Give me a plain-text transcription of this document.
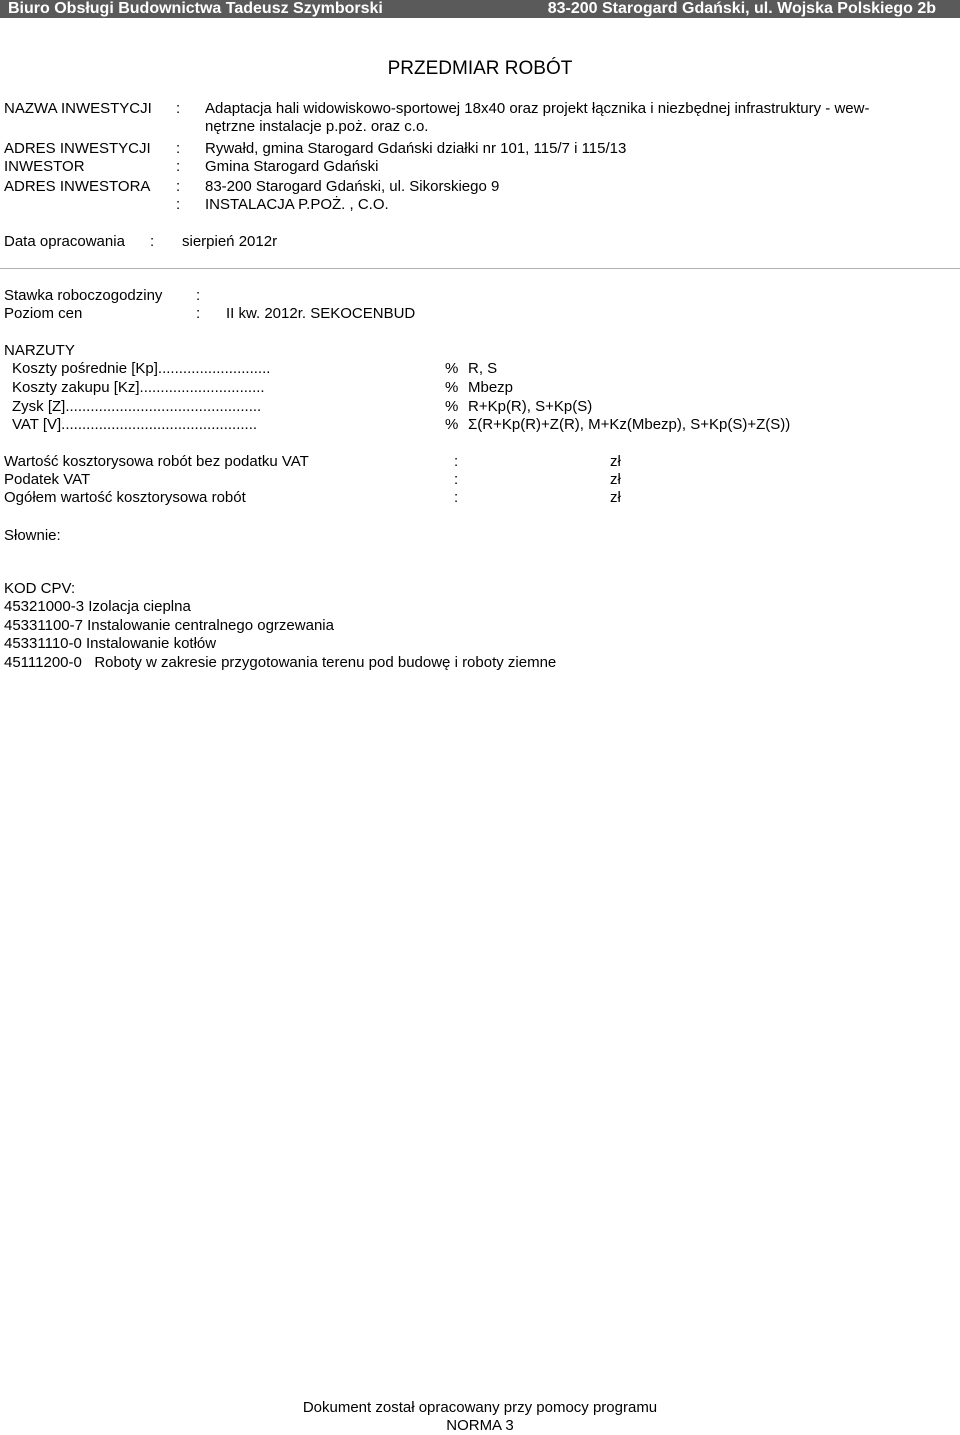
Biuro Obsługi Budownictwa Tadeusz Szymborski	83-200 Starogard Gdański, ul. Wojska Polskiego 2b
PRZEDMIAR ROBÓT
NAZWA INWESTYCJI : Adaptacja hali widowiskowo-sportowej 18x40 oraz projekt łącznika i niezbędnej infrastruktury - wew-
nętrzne instalacje p.poż. oraz c.o.
ADRES INWESTYCJI : Rywałd, gmina Starogard Gdański działki nr 101, 115/7 i 115/13
INWESTOR	: Gmina Starogard Gdański
ADRES INWESTORA : 83-200 Starogard Gdański, ul. Sikorskiego 9
: INSTALACJA P.POŻ. , C.O.
Data opracowania : sierpień 2012r
Stawka roboczogodziny :
Poziom cen	: II kw. 2012r. SEKOCENBUD
NARZUTY
Koszty pośrednie [Kp]...........................	% R, S
Koszty zakupu [Kz]..............................	% Mbezp
Zysk [Z]...............................................	% R+Kp(R), S+Kp(S)
VAT [V]...............................................	% Σ(R+Kp(R)+Z(R), M+Kz(Mbezp), S+Kp(S)+Z(S))
Wartość kosztorysowa robót bez podatku VAT	:	zł
Podatek VAT	:	zł
Ogółem wartość kosztorysowa robót	:	zł
Słownie:
KOD CPV:
45321000-3 Izolacja cieplna
45331100-7 Instalowanie centralnego ogrzewania
45331110-0 Instalowanie kotłów
45111200-0   Roboty w zakresie przygotowania terenu pod budowę i roboty ziemne
Dokument został opracowany przy pomocy programu
NORMA 3
